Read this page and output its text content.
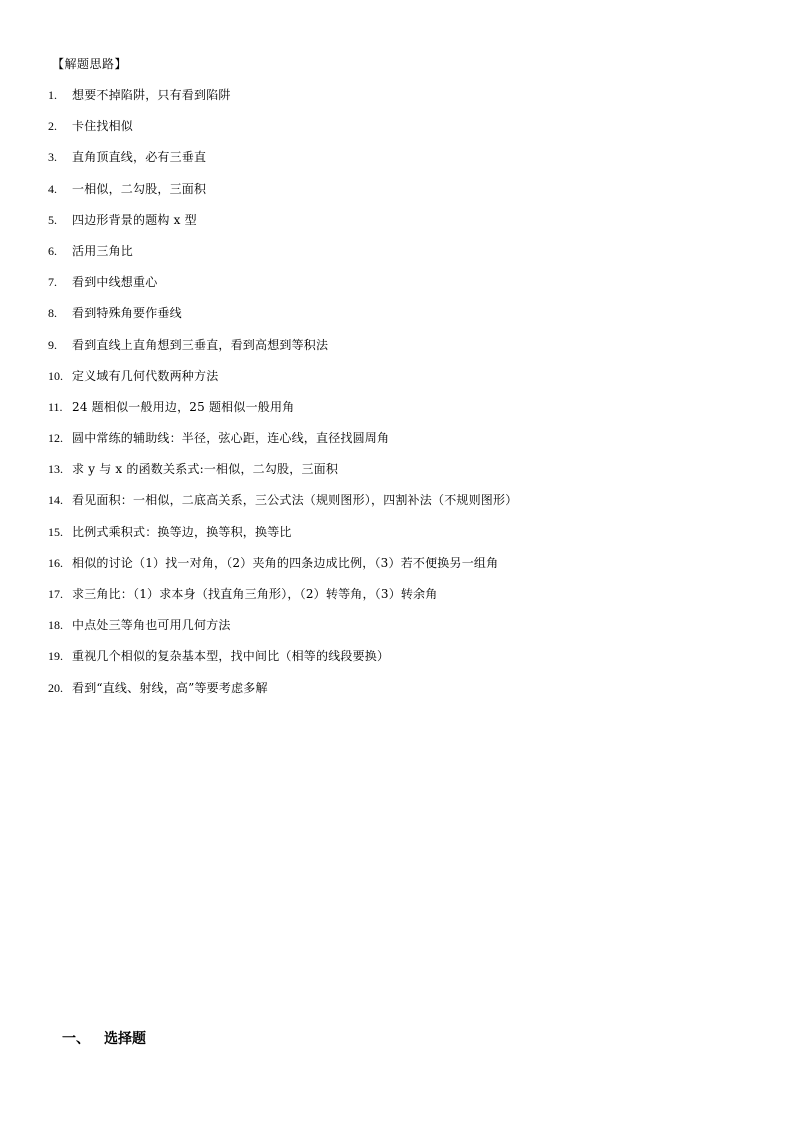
【解题思路】
1.	想要不掉陷阱，只有看到陷阱
2.	卡住找相似
3.	直角顶直线，必有三垂直
4.	一相似，二勾股，三面积
5.	四边形背景的题构 x 型
6.	活用三角比
7.	看到中线想重心
8.	看到特殊角要作垂线
9.	看到直线上直角想到三垂直，看到高想到等积法
10. 定义域有几何代数两种方法
11. 24 题相似一般用边，25 题相似一般用角
12. 圆中常练的辅助线：半径，弦心距，连心线，直径找圆周角
13. 求 y 与 x 的函数关系式:一相似，二勾股，三面积
14. 看见面积：一相似，二底高关系，三公式法（规则图形），四割补法（不规则图形）
15. 比例式乘积式：换等边，换等积，换等比
16. 相似的讨论（1）找一对角，（2）夹角的四条边成比例，（3）若不便换另一组角
17. 求三角比：（1）求本身（找直角三角形），（2）转等角，（3）转余角
18. 中点处三等角也可用几何方法
19. 重视几个相似的复杂基本型，找中间比（相等的线段要换）
20. 看到“直线、射线，高”等要考虑多解
一、 选择题
